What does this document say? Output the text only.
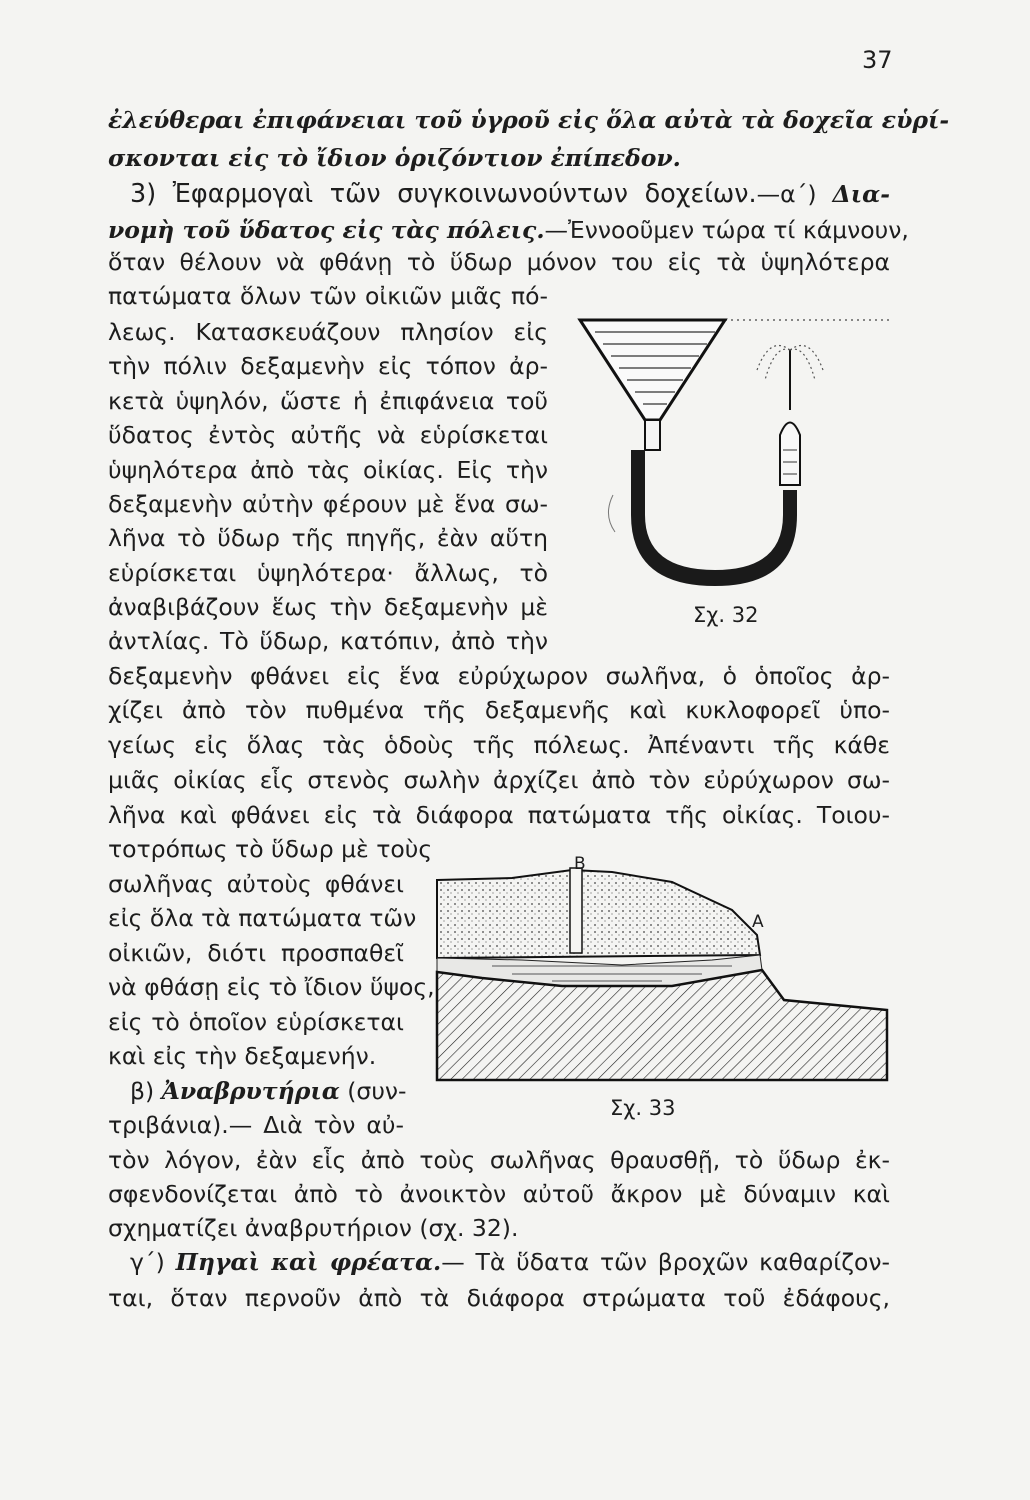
37
ἐλεύθεραι ἐπιφάνειαι τοῦ ὑγροῦ εἰς ὅλα αὐτὰ τὰ δοχεῖα εὑρί-
σκονται εἰς τὸ ἴδιον ὁριζόντιον ἐπίπεδον.
3) Ἐφαρμογαὶ τῶν συγκοινωνούντων δοχείων.—α΄) Δια-
νομὴ τοῦ ὕδατος εἰς τὰς πόλεις.—Ἐννοοῦμεν τώρα τί κάμνουν,
ὅταν θέλουν νὰ φθάνῃ τὸ ὕδωρ μόνον του εἰς τὰ ὑψηλότερα
πατώματα ὅλων τῶν οἰκιῶν μιᾶς πό-
λεως. Κατασκευάζουν πλησίον εἰς
τὴν πόλιν δεξαμενὴν εἰς τόπον ἀρ-
κετὰ ὑψηλόν, ὥστε ἡ ἐπιφάνεια τοῦ
ὕδατος ἐντὸς αὐτῆς νὰ εὑρίσκεται
ὑψηλότερα ἀπὸ τὰς οἰκίας. Εἰς τὴν
δεξαμενὴν αὐτὴν φέρουν μὲ ἕνα σω-
λῆνα τὸ ὕδωρ τῆς πηγῆς, ἐὰν αὕτη
εὑρίσκεται ὑψηλότερα· ἄλλως, τὸ
ἀναβιβάζουν ἕως τὴν δεξαμενὴν μὲ
ἀντλίας. Τὸ ὕδωρ, κατόπιν, ἀπὸ τὴν
δεξαμενὴν φθάνει εἰς ἕνα εὐρύχωρον σωλῆνα, ὁ ὁποῖος ἀρ-
χίζει ἀπὸ τὸν πυθμένα τῆς δεξαμενῆς καὶ κυκλοφορεῖ ὑπο-
γείως εἰς ὅλας τὰς ὁδοὺς τῆς πόλεως. Ἀπέναντι τῆς κάθε
μιᾶς οἰκίας εἷς στενὸς σωλὴν ἀρχίζει ἀπὸ τὸν εὐρύχωρον σω-
λῆνα καὶ φθάνει εἰς τὰ διάφορα πατώματα τῆς οἰκίας. Τοιου-
τοτρόπως τὸ ὕδωρ μὲ τοὺς
σωλῆνας αὐτοὺς φθάνει
εἰς ὅλα τὰ πατώματα τῶν
οἰκιῶν, διότι προσπαθεῖ
νὰ φθάσῃ εἰς τὸ ἴδιον ὕψος,
εἰς τὸ ὁποῖον εὑρίσκεται
καὶ εἰς τὴν δεξαμενήν.
β) Ἀναβρυτήρια (συν-
τριβάνια).— Διὰ τὸν αὐ-
τὸν λόγον, ἐὰν εἷς ἀπὸ τοὺς σωλῆνας θραυσθῇ, τὸ ὕδωρ ἐκ-
σφενδονίζεται ἀπὸ τὸ ἀνοικτὸν αὐτοῦ ἄκρον μὲ δύναμιν καὶ
σχηματίζει ἀναβρυτήριον (σχ. 32).
γ΄) Πηγαὶ καὶ φρέατα.— Τὰ ὕδατα τῶν βροχῶν καθαρίζον-
ται, ὅταν περνοῦν ἀπὸ τὰ διάφορα στρώματα τοῦ ἐδάφους,
Σχ. 32
Β
Α
Σχ. 33
